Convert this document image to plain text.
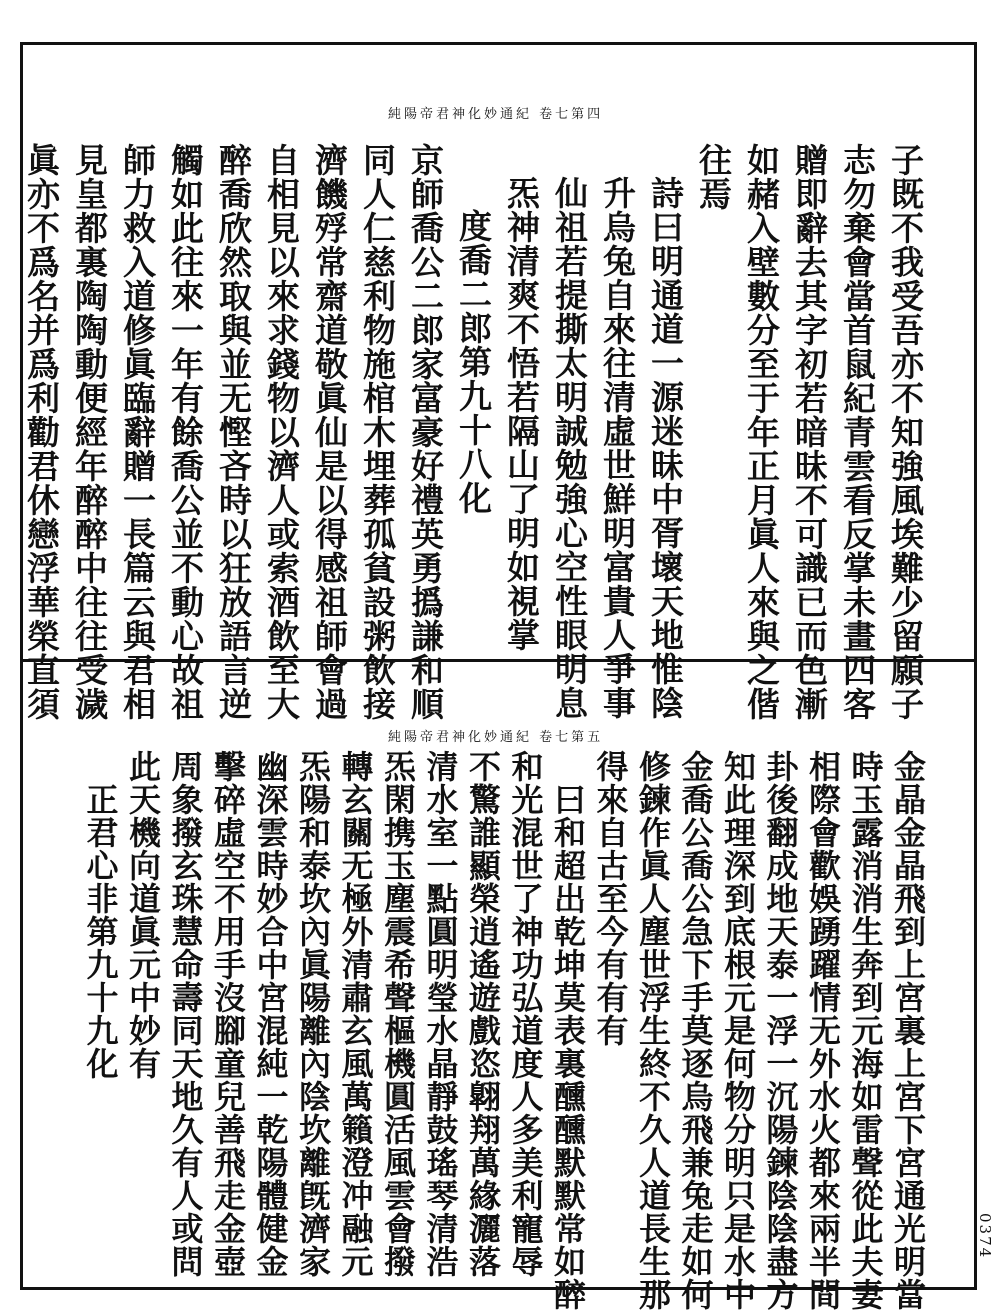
純陽帝君神化妙通紀 卷七第四

子既不我受吾亦不知強風埃難少留願子

志勿棄會當首鼠紀青雲看反掌未畫四客

贈即辭去其字初若暗昧不可識已而色漸

如赭入壁數分至于年正月眞人來與之偕

往焉

詩曰明通道一源迷昧中胥壞天地惟陰

升烏兔自來往清虛世鮮明富貴人爭事

仙祖若提撕太明誠勉強心空性眼明息

炁神清爽不悟若隔山了明如視掌

度喬二郎第九十八化

京師喬公二郎家富豪好禮英勇撝謙和順

同人仁慈利物施棺木埋葬孤貧設粥飲接

濟饑殍常齋道敬眞仙是以得感祖師會過

自相見以來求錢物以濟人或索酒飲至大

醉喬欣然取與並无慳吝時以狂放語言逆

觸如此往來一年有餘喬公並不動心故祖

師力救入道修眞臨辭贈一長篇云與君相

見皇都裏陶陶動便經年醉醉中往往受濊

眞亦不爲名并爲利勸君休戀浮華榮直須

純陽帝君神化妙通紀 卷七第五

金晶金晶飛到上宮裏上宮下宮通光明當

時玉露消消生奔到元海如雷聲從此夫妻

相際會歡娛踴躍情无外水火都來兩半間

卦後翻成地天泰一浮一沉陽鍊陰陰盡方

知此理深到底根元是何物分明只是水中

金喬公喬公急下手莫逐烏飛兼兔走如何

修鍊作眞人塵世浮生終不久人道長生那

得來自古至今有有有

曰和超出乾坤莫表裏醺醺默默常如醉

和光混世了神功弘道度人多美利寵辱

不驚誰顯榮逍遙遊戲恣翺翔萬緣灑落

清水室一點圓明瑩水晶靜鼓瑤琴清浩

炁閑携玉塵震希聲樞機圓活風雲會撥

轉玄關无極外清肅玄風萬籟澄冲融元

炁陽和泰坎內眞陽離內陰坎離旣濟家

幽深雲時妙合中宮混純一乾陽體健金

擊碎虛空不用手沒腳童兒善飛走金壺

周象撥玄珠慧命壽同天地久有人或問

此天機向道眞元中妙有

正君心非第九十九化

0374
